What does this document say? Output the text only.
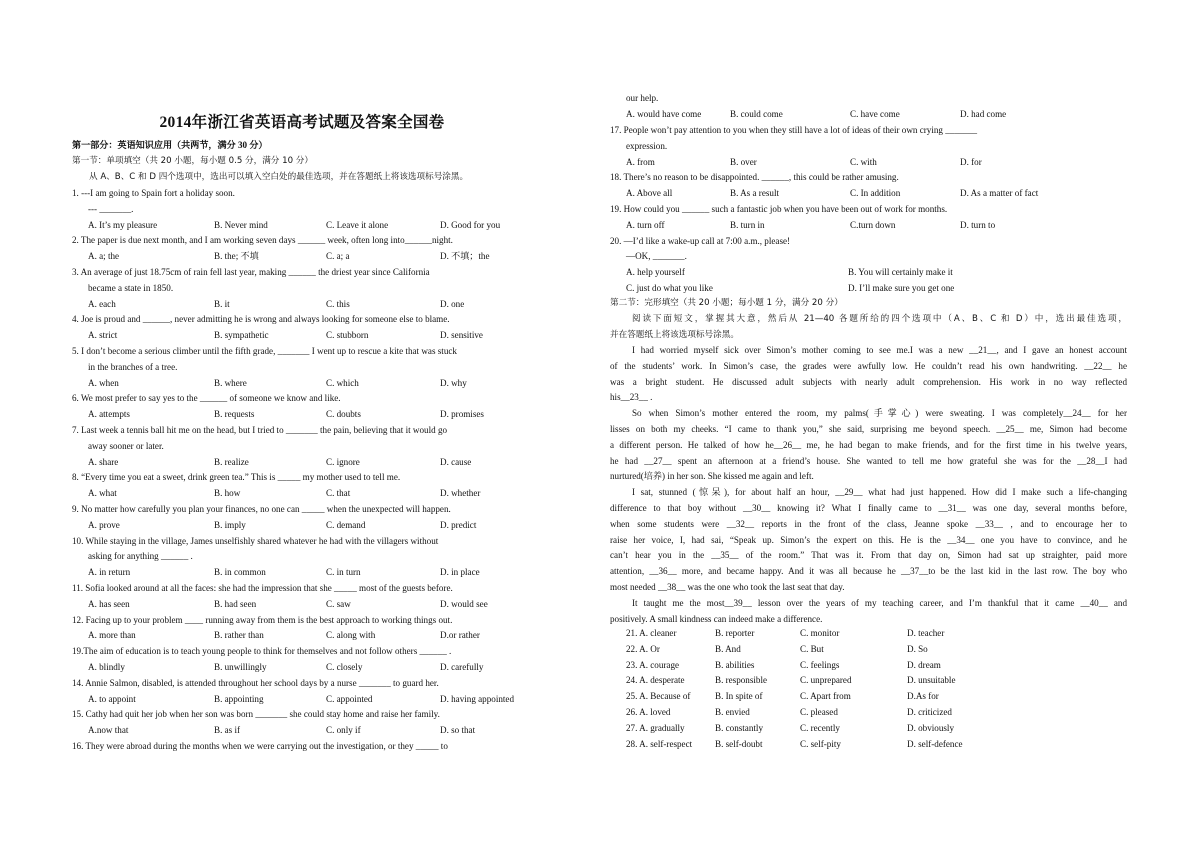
2014年浙江省英语高考试题及答案全国卷
第一部分：英语知识应用（共两节，满分 30 分）
第一节：单项填空（共 20 小题，每小题 0.5 分，满分 10 分）
从 A、B、C 和 D 四个选项中，选出可以填入空白处的最佳选项，并在答题纸上将该选项标号涂黑。
1. ---I am going to Spain fort a holiday soon.
--- _______.
A. It’s my pleasure	B. Never mind	C. Leave it alone	D. Good for you
2. The paper is due next month, and I am working seven days ______ week, often long into______night.
A. a; the	B. the; 不填	C. a; a	D. 不填；the
3. An average of just 18.75cm of rain fell last year, making ______ the driest year since California
became a state in 1850.
A. each	B. it	C. this	D. one
4. Joe is proud and ______, never admitting he is wrong and always looking for someone else to blame.
A. strict	B. sympathetic	C. stubborn	D. sensitive
5. I don’t become a serious climber until the fifth grade, _______ I went up to rescue a kite that was stuck
in the branches of a tree.
A. when	B. where	C. which	D. why
6. We most prefer to say yes to the ______ of someone we know and like.
A. attempts	B. requests	C. doubts	D. promises
7. Last week a tennis ball hit me on the head, but I tried to _______ the pain, believing that it would go
away sooner or later.
A. share	B. realize	C. ignore	D. cause
8. “Every time you eat a sweet, drink green tea.” This is _____ my mother used to tell me.
A. what	B. how	C. that	D. whether
9. No matter how carefully you plan your finances, no one can _____ when the unexpected will happen.
A. prove	B. imply	C. demand	D. predict
10. While staying in the village, James unselfishly shared whatever he had with the villagers without
asking for anything ______ .
A. in return	B. in common	C. in turn	D. in place
11. Sofia looked around at all the faces: she had the impression that she _____ most of the guests before.
A. has seen	B. had seen	C. saw	D. would see
12. Facing up to your problem ____ running away from them is the best approach to working things out.
A. more than	B. rather than	C. along with	D.or rather
19.The aim of education is to teach young people to think for themselves and not follow others ______ .
A. blindly	B. unwillingly	C. closely	D. carefully
14. Annie Salmon, disabled, is attended throughout her school days by a nurse _______ to guard her.
A. to appoint	B. appointing	C. appointed	D. having appointed
15. Cathy had quit her job when her son was born _______ she could stay home and raise her family.
A.now that	B. as if	C. only if	D. so that
16. They were abroad during the months when we were carrying out the investigation, or they _____ to
our help.
A. would have come	B. could come	C. have come	D. had come
17. People won’t pay attention to you when they still have a lot of ideas of their own crying _______
expression.
A. from	B. over	C. with	D. for
18. There’s no reason to be disappointed. ______, this could be rather amusing.
A. Above all	B. As a result	C. In addition	D. As a matter of fact
19. How could you ______ such a fantastic job when you have been out of work for months.
A. turn off	B. turn in	C.turn down	D. turn to
20. —I’d like a wake-up call at 7:00 a.m., please!
—OK, _______.
A. help yourself	B. You will certainly make it
C. just do what you like	D. I’ll make sure you get one
第二节：完形填空（共 20 小题；每小题 1 分，满分 20 分）
阅读下面短文，掌握其大意，然后从 21—40 各题所给的四个选项中（A、B、C 和 D）中，选出最佳选项，
并在答题纸上将该选项标号涂黑。
I had worried myself sick over Simon’s mother coming to see me.I was a new __21__, and I gave an honest account
of the students’ work. In Simon’s case, the grades were awfully low. He couldn’t read his own handwriting. __22__ he
was a bright student. He discussed adult subjects with nearly adult comprehension. His work in no way reflected
his__23__ .
So when Simon’s mother entered the room, my palms(手掌心) were sweating. I was completely__24__ for her
lisses on both my cheeks. “I came to thank you,” she said, surprising me beyond speech. __25__ me, Simon had become
a different person. He talked of how he__26__ me, he had began to make friends, and for the first time in his twelve years,
he had __27__ spent an afternoon at a friend’s house. She wanted to tell me how grateful she was for the __28__I had
nurtured(培养) in her son. She kissed me again and left.
I sat, stunned (惊呆), for about half an hour, __29__ what had just happened. How did I make such a life-changing
difference to that boy without __30__ knowing it? What I finally came to __31__ was one day, several months before,
when some students were __32__ reports in the front of the class, Jeanne spoke __33__ , and to encourage her to
raise her voice, I, had sai, “Speak up. Simon’s the expert on this. He is the __34__ one you have to convince, and he
can’t hear you in the __35__ of the room.” That was it. From that day on, Simon had sat up straighter, paid more
attention, __36__ more, and became happy. And it was all because he __37__to be the last kid in the last row. The boy who
most needed __38__ was the one who took the last seat that day.
It taught me the most__39__ lesson over the years of my teaching career, and I’m thankful that it came __40__ and
positively. A small kindness can indeed make a difference.
21. A. cleaner	B. reporter	C. monitor	D. teacher
22. A. Or	B. And	C. But	D. So
23. A. courage	B. abilities	C. feelings	D. dream
24. A. desperate	B. responsible	C. unprepared	D. unsuitable
25. A. Because of	B. In spite of	C. Apart from	D.As for
26. A. loved	B. envied	C. pleased	D. criticized
27. A. gradually	B. constantly	C. recently	D. obviously
28. A. self-respect	B. self-doubt	C. self-pity	D. self-defence
